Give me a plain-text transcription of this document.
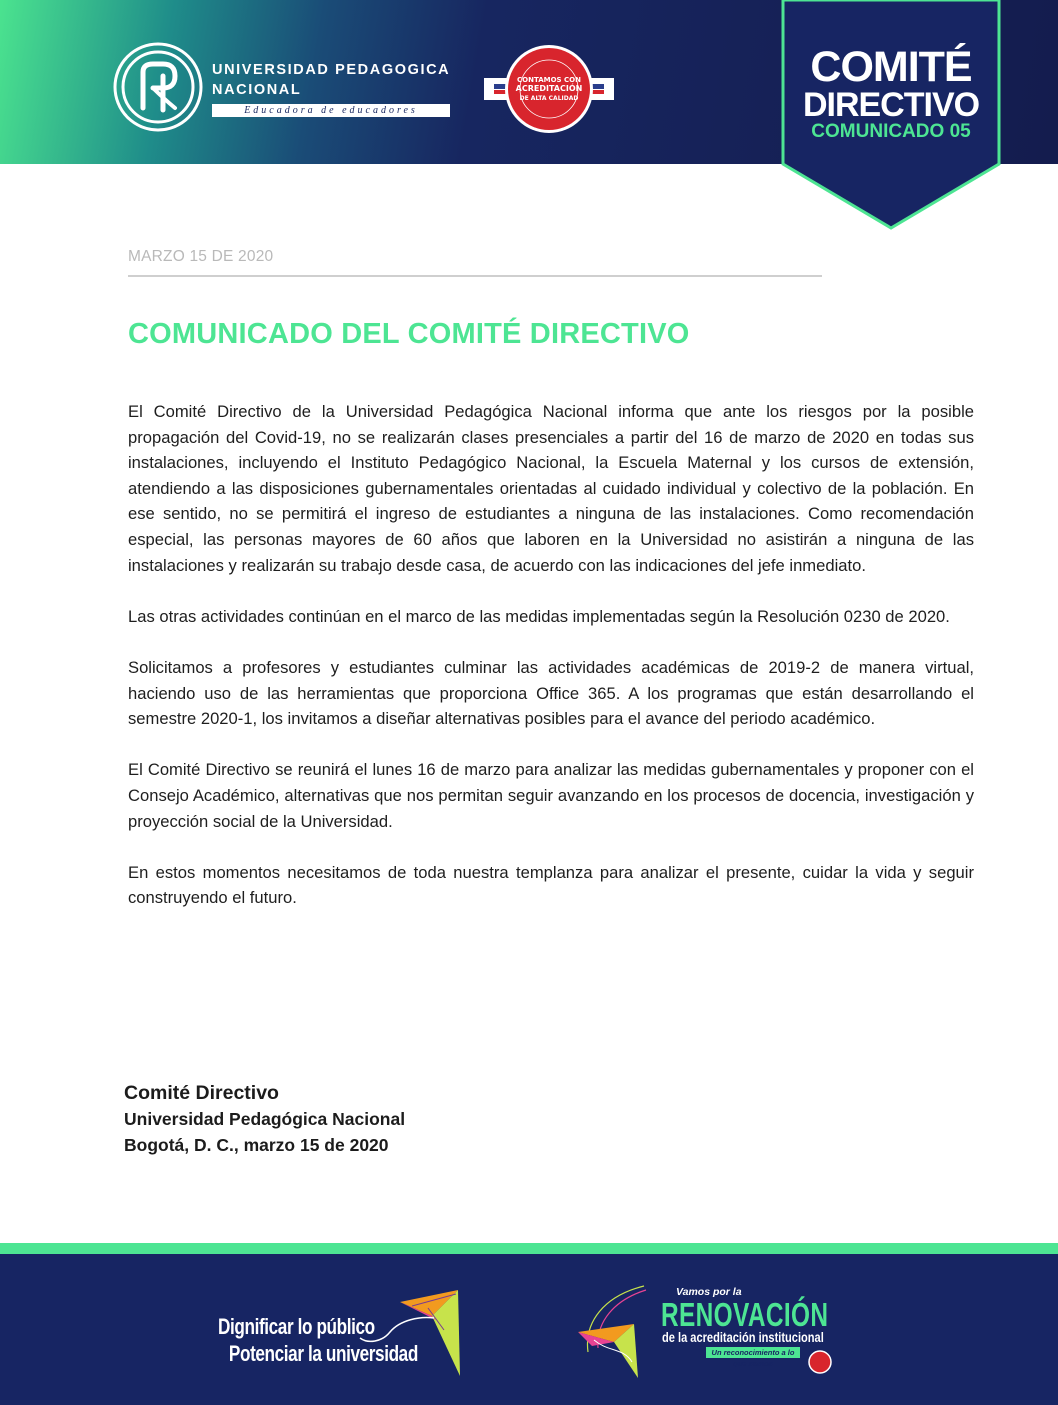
UNIVERSIDAD PEDAGOGICA
NACIONAL
Educadora de educadores
CONTAMOS CON
ACREDITACIÓN
DE ALTA CALIDAD
COMITÉ
DIRECTIVO
COMUNICADO 05
MARZO 15 DE 2020
COMUNICADO DEL COMITÉ DIRECTIVO

El Comité Directivo de la Universidad Pedagógica Nacional informa que ante los riesgos por la posible propagación del Covid-19, no se realizarán clases presenciales a partir del 16 de marzo de 2020 en todas sus instalaciones, incluyendo el Instituto Pedagógico Nacional, la Escuela Maternal y los cursos de extensión, atendiendo a las disposiciones gubernamentales orientadas al cuidado individual y colectivo de la población. En ese sentido, no se permitirá el ingreso de estudiantes a ninguna de las instalaciones. Como recomendación especial, las personas mayores de 60 años que laboren en la Universidad no asistirán a ninguna de las instalaciones y realizarán su trabajo desde casa, de acuerdo con las indicaciones del jefe inmediato.

Las otras actividades continúan en el marco de las medidas implementadas según la Resolución 0230 de 2020.

Solicitamos a profesores y estudiantes culminar las actividades académicas de 2019-2 de manera virtual, haciendo uso de las herramientas que proporciona Office 365. A los programas que están desarrollando el semestre 2020-1, los invitamos a diseñar alternativas posibles para el avance del periodo académico.

El Comité Directivo se reunirá el lunes 16 de marzo para analizar las medidas gubernamentales y proponer con el Consejo Académico, alternativas que nos permitan seguir avanzando en los procesos de docencia, investigación y proyección social de la Universidad.

En estos momentos necesitamos de toda nuestra templanza para analizar el presente, cuidar la vida y seguir construyendo el futuro.

Comité Directivo
Universidad Pedagógica Nacional
Bogotá, D. C., marzo 15 de 2020
Dignificar lo público
Potenciar la universidad
Vamos por la
RENOVACIÓN
de la acreditación institucional
Un reconocimiento a lo que somos
